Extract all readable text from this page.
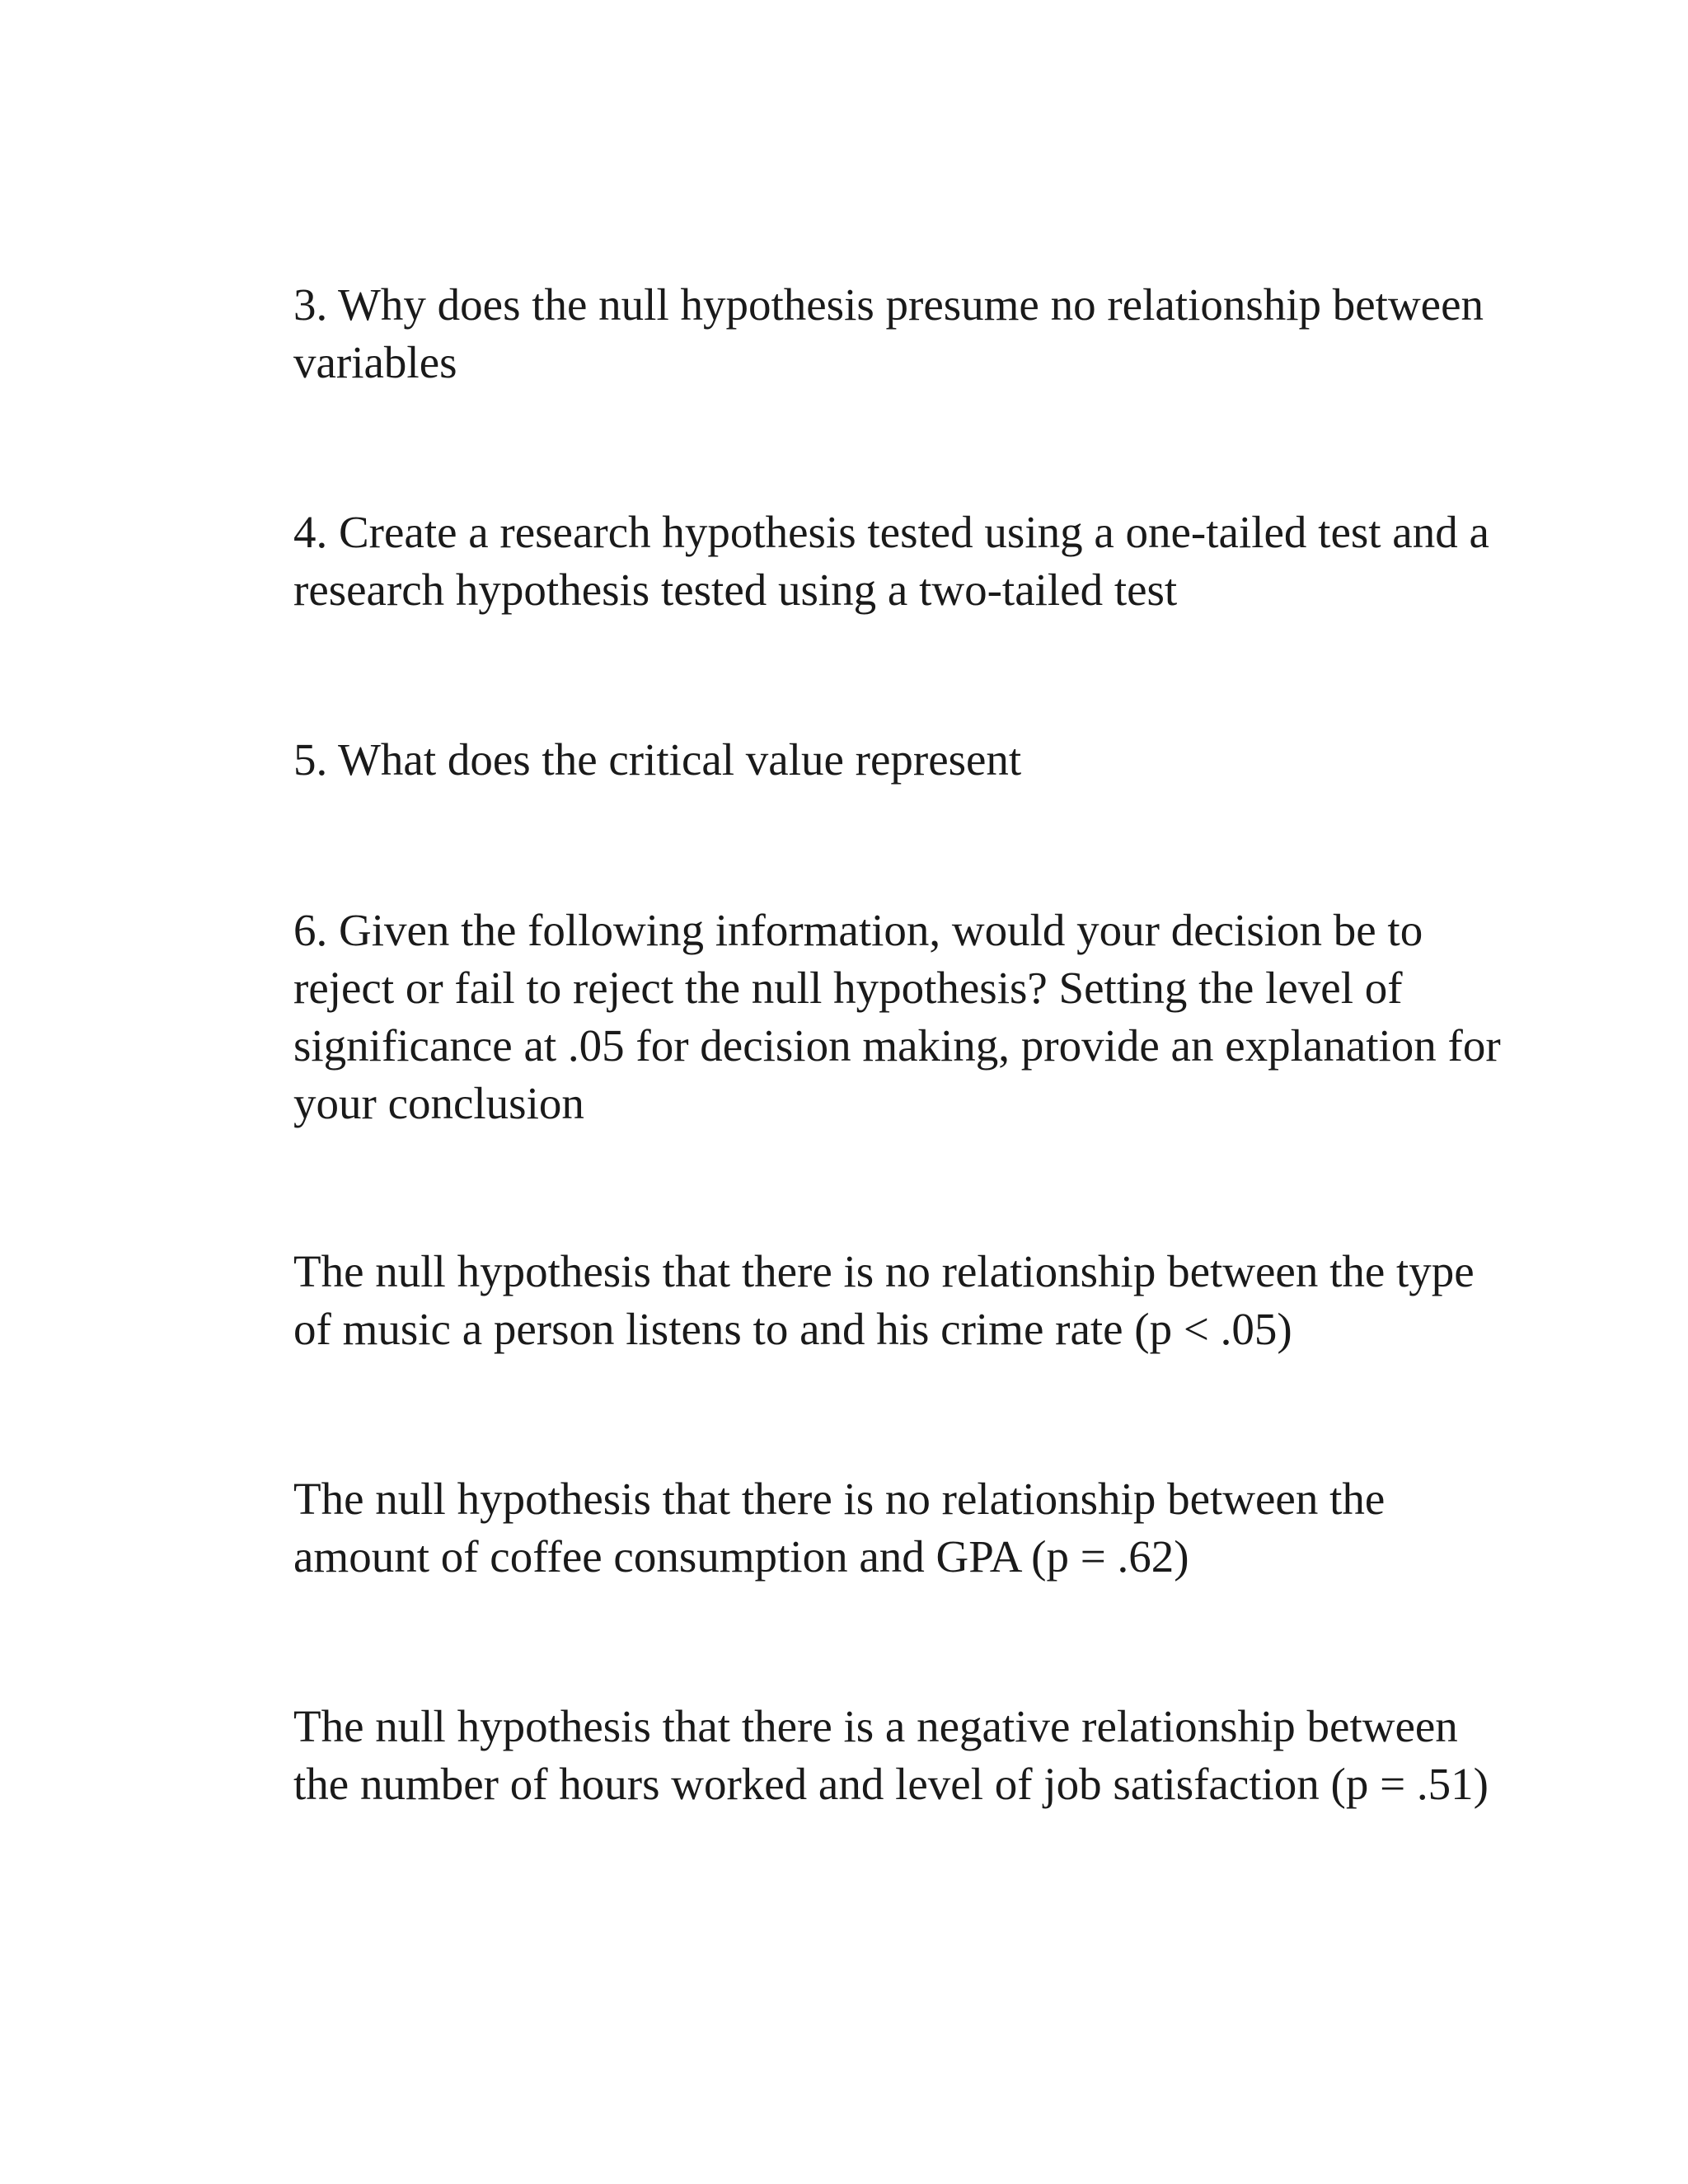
3. Why does the null hypothesis presume no relationship between
variables

4. Create a research hypothesis tested using a one-tailed test and a
research hypothesis tested using a two-tailed test

5. What does the critical value represent

6. Given the following information, would your decision be to
reject or fail to reject the null hypothesis? Setting the level of
significance at .05 for decision making, provide an explanation for
your conclusion

The null hypothesis that there is no relationship between the type
of music a person listens to and his crime rate (p < .05)

The null hypothesis that there is no relationship between the
amount of coffee consumption and GPA (p = .62)

The null hypothesis that there is a negative relationship between
the number of hours worked and level of job satisfaction (p = .51)
